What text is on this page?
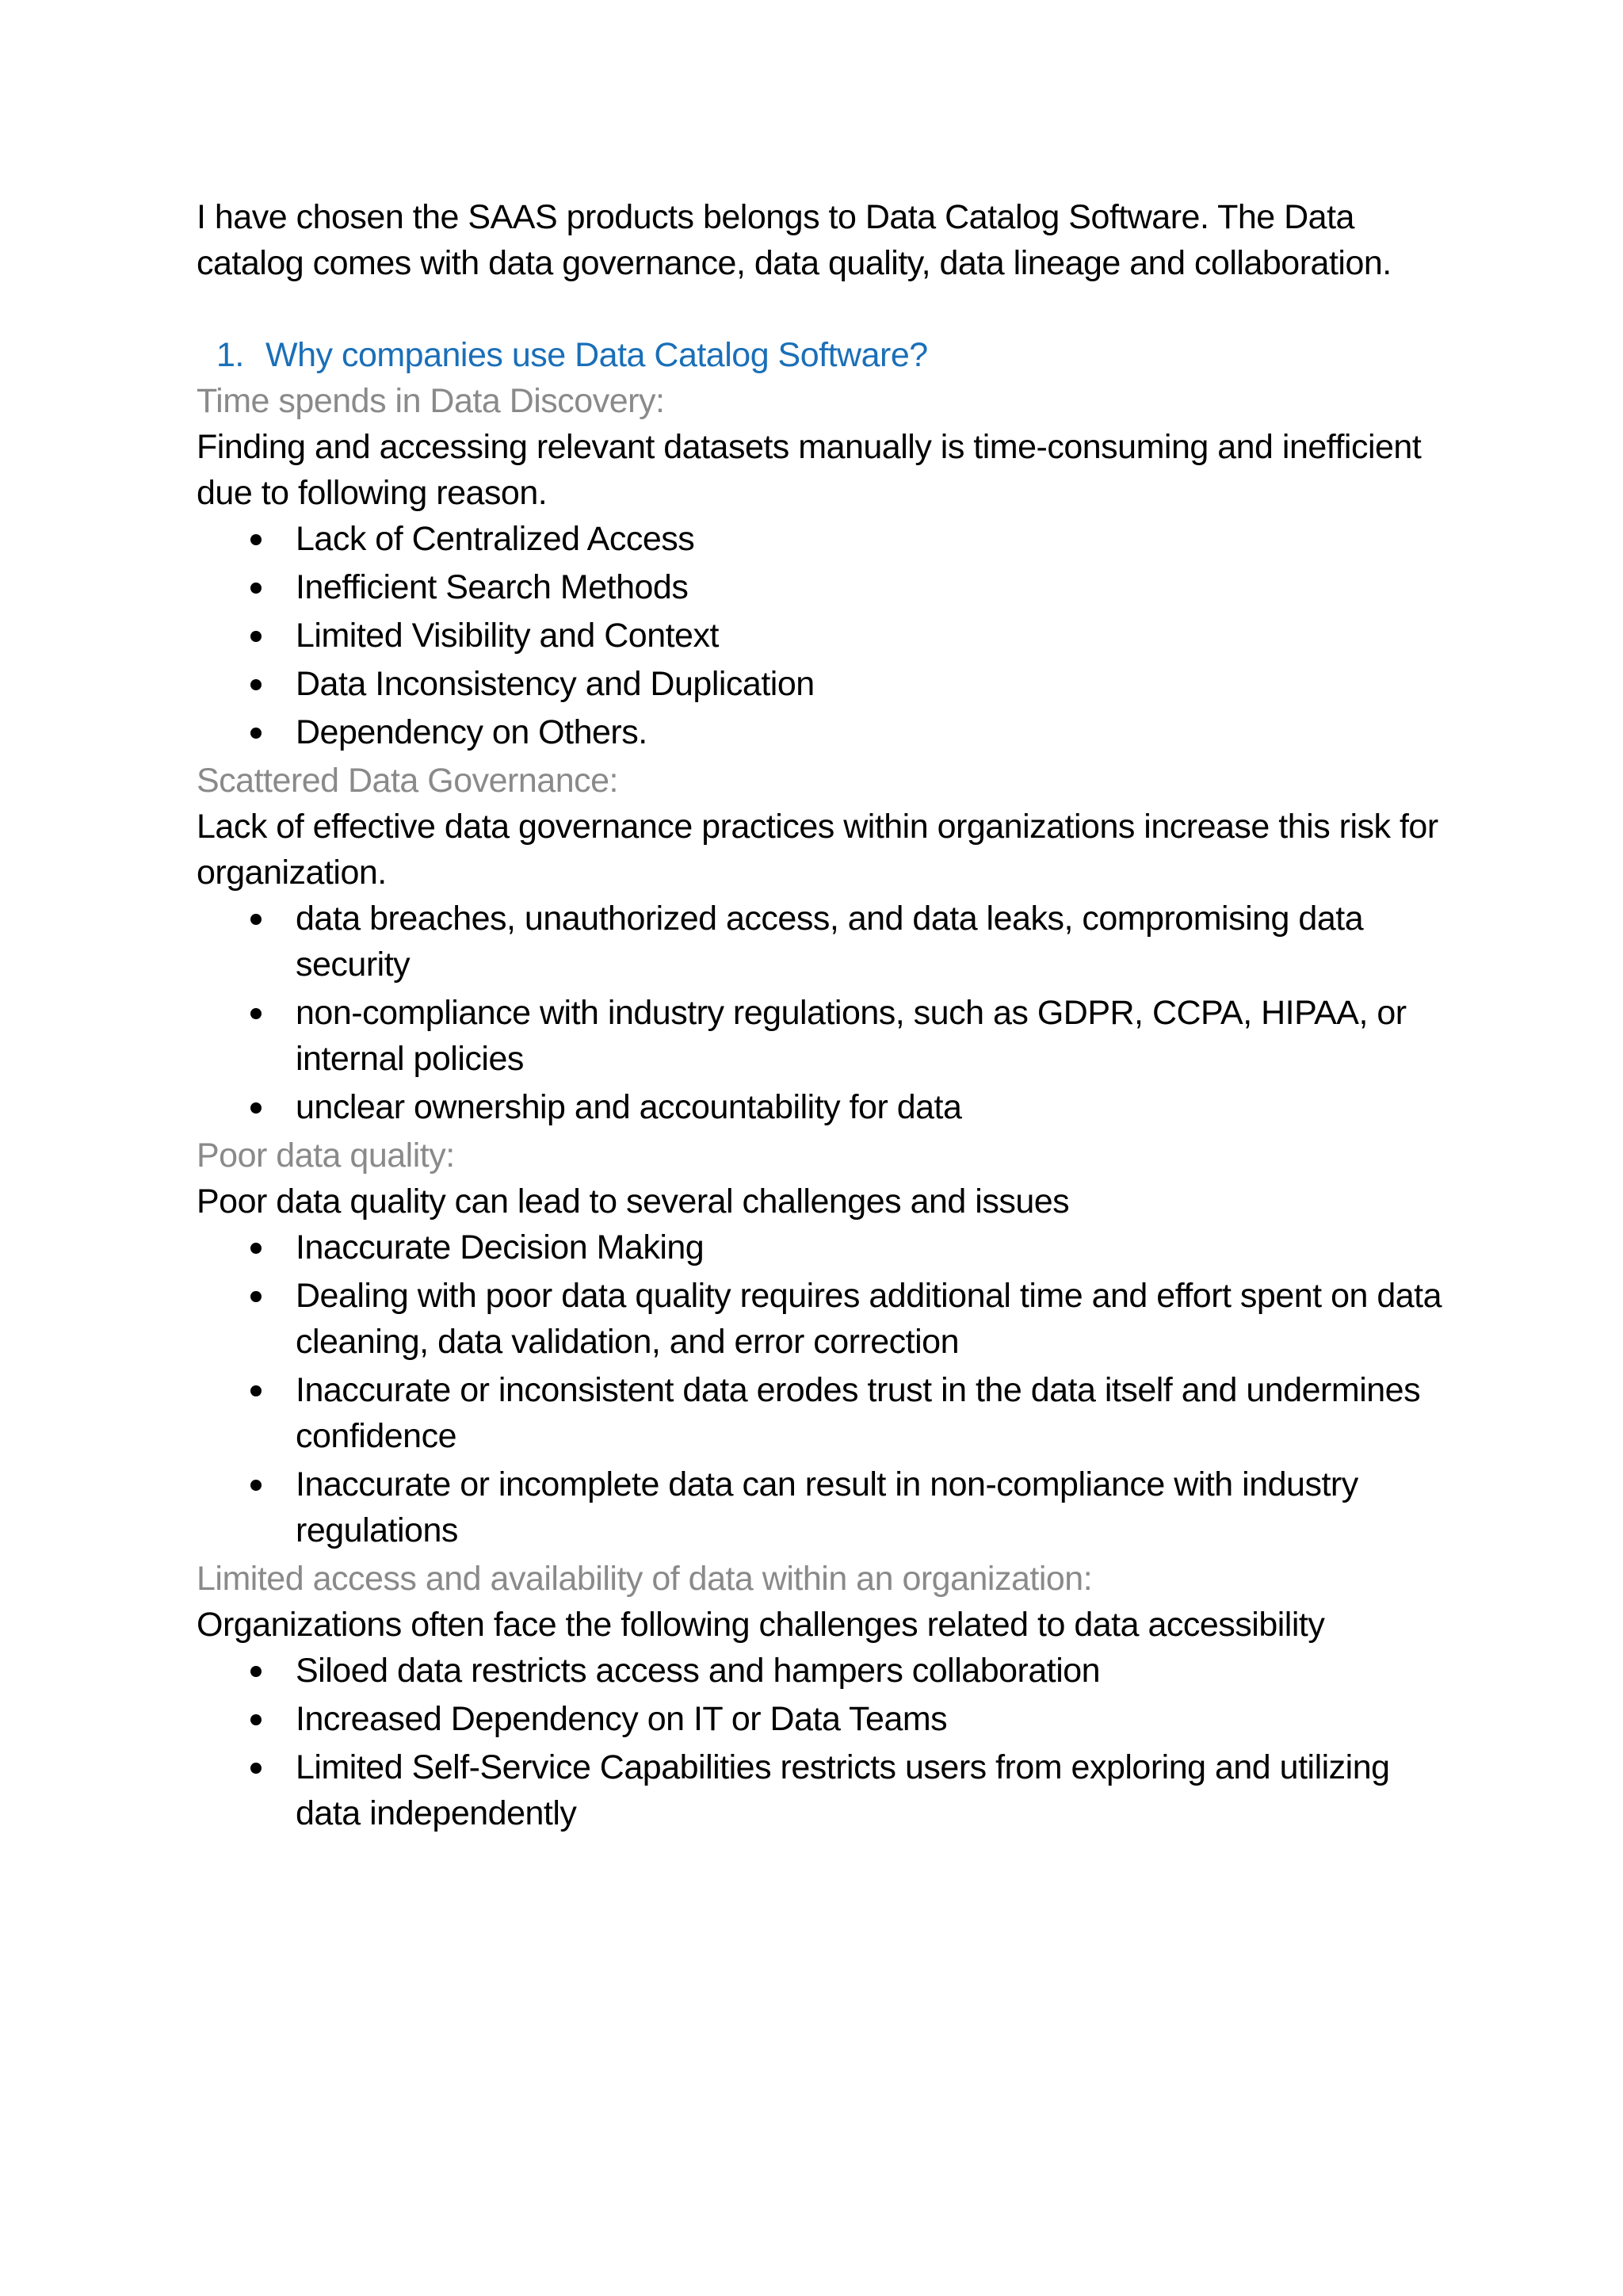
I have chosen the SAAS products belongs to Data Catalog Software. The Data catalog comes with data governance, data quality, data lineage and collaboration.

1. Why companies use Data Catalog Software?

Time spends in Data Discovery:

Finding and accessing relevant datasets manually is time-consuming and inefficient due to following reason.

Lack of Centralized Access
Inefficient Search Methods
Limited Visibility and Context
Data Inconsistency and Duplication
Dependency on Others.

Scattered Data Governance:

Lack of effective data governance practices within organizations increase this risk for organization.

data breaches, unauthorized access, and data leaks, compromising data security
non-compliance with industry regulations, such as GDPR, CCPA, HIPAA, or internal policies
unclear ownership and accountability for data

Poor data quality:

Poor data quality can lead to several challenges and issues

Inaccurate Decision Making
Dealing with poor data quality requires additional time and effort spent on data cleaning, data validation, and error correction
Inaccurate or inconsistent data erodes trust in the data itself and undermines confidence
Inaccurate or incomplete data can result in non-compliance with industry regulations

Limited access and availability of data within an organization:

Organizations often face the following challenges related to data accessibility

Siloed data restricts access and hampers collaboration
Increased Dependency on IT or Data Teams
Limited Self-Service Capabilities restricts users from exploring and utilizing data independently
